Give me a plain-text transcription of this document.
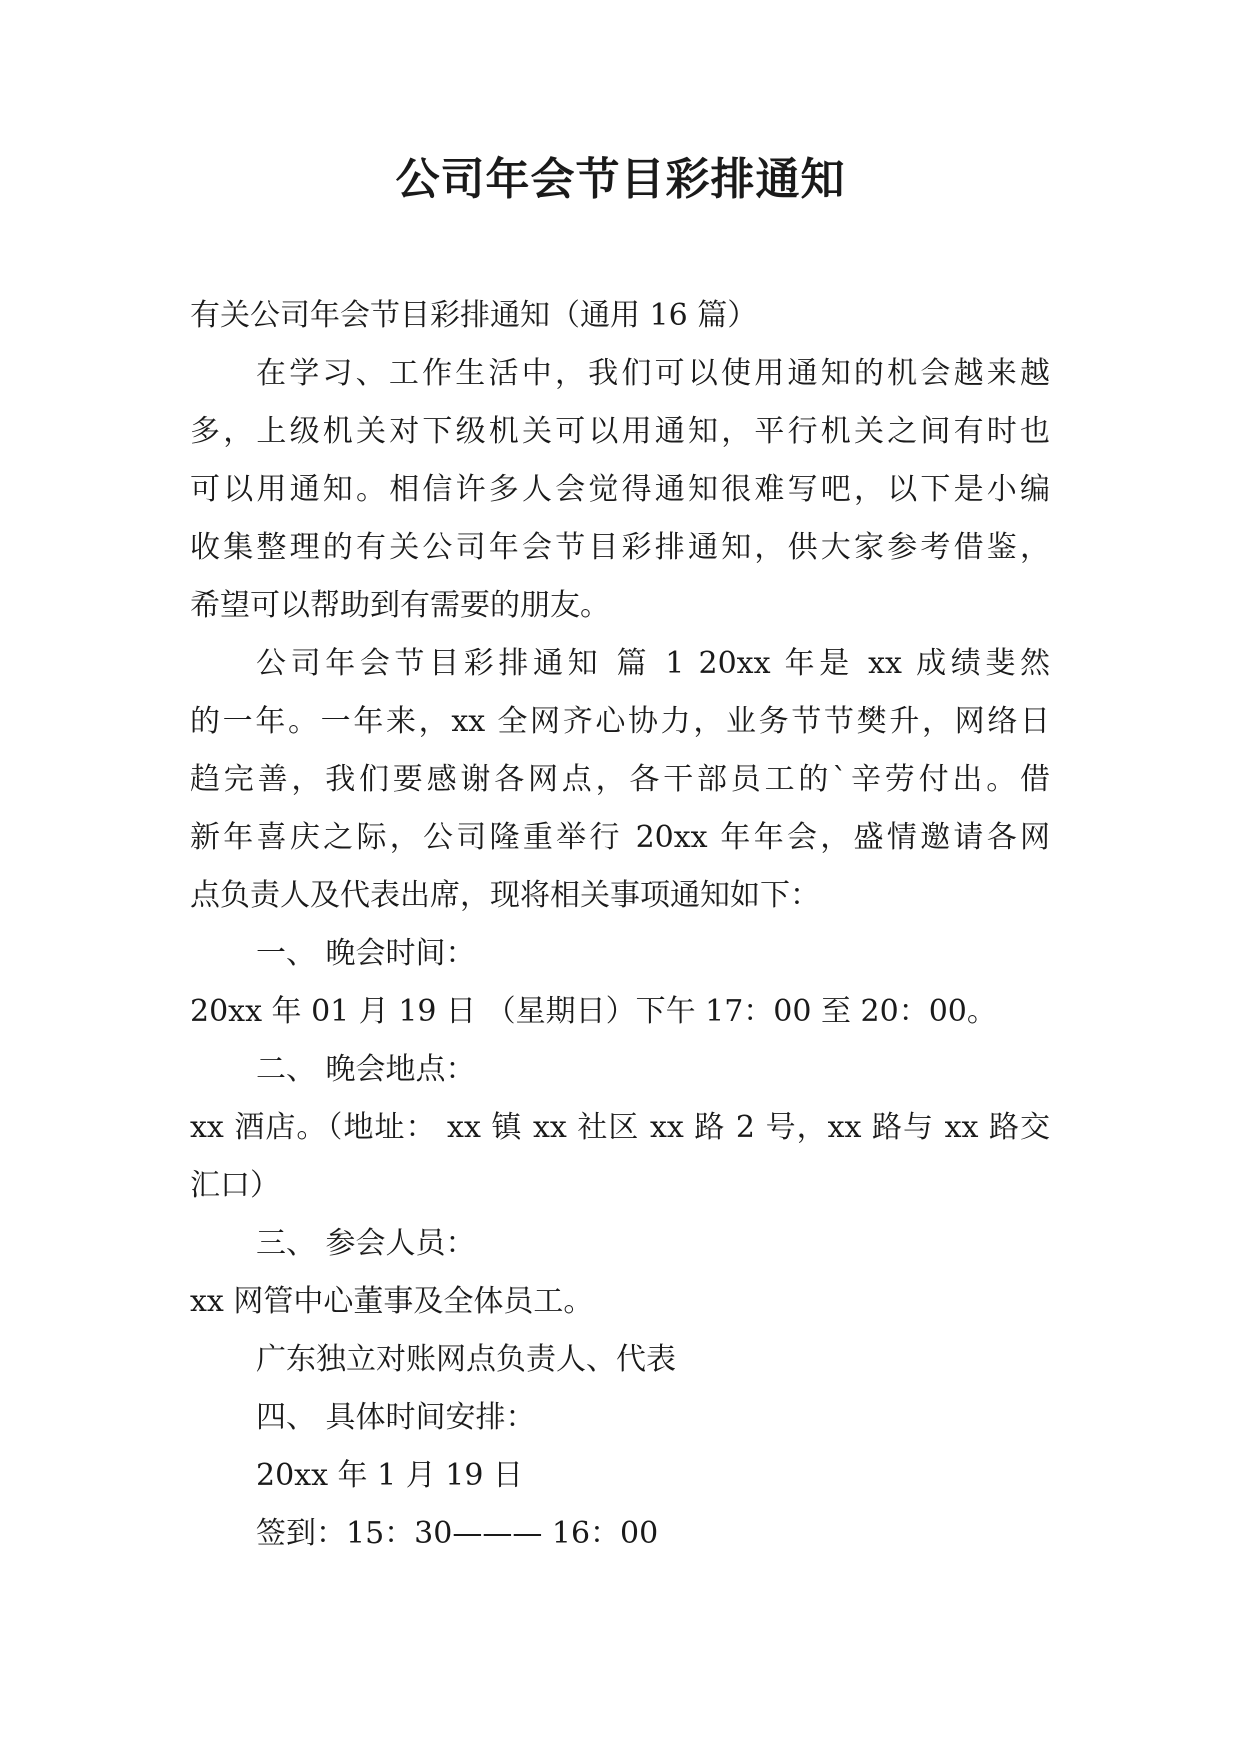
公司年会节目彩排通知
有关公司年会节目彩排通知（通用 16 篇）
在学习、工作生活中，我们可以使用通知的机会越来越
多，上级机关对下级机关可以用通知，平行机关之间有时也
可以用通知。相信许多人会觉得通知很难写吧，以下是小编
收集整理的有关公司年会节目彩排通知，供大家参考借鉴，
希望可以帮助到有需要的朋友。
公司年会节目彩排通知 篇 1 20xx 年是 xx 成绩斐然
的一年。一年来，xx 全网齐心协力，业务节节樊升，网络日
趋完善，我们要感谢各网点，各干部员工的`辛劳付出。借
新年喜庆之际，公司隆重举行 20xx 年年会，盛情邀请各网
点负责人及代表出席，现将相关事项通知如下：
一、 晚会时间：
20xx 年 01 月 19 日 （星期日）下午 17：00 至 20：00。
二、 晚会地点：
xx 酒店。（地址： xx 镇 xx 社区 xx 路 2 号，xx 路与 xx 路交
汇口）
三、 参会人员：
xx 网管中心董事及全体员工。
广东独立对账网点负责人、代表
四、 具体时间安排：
20xx 年 1 月 19 日
签到：15：30——— 16：00
